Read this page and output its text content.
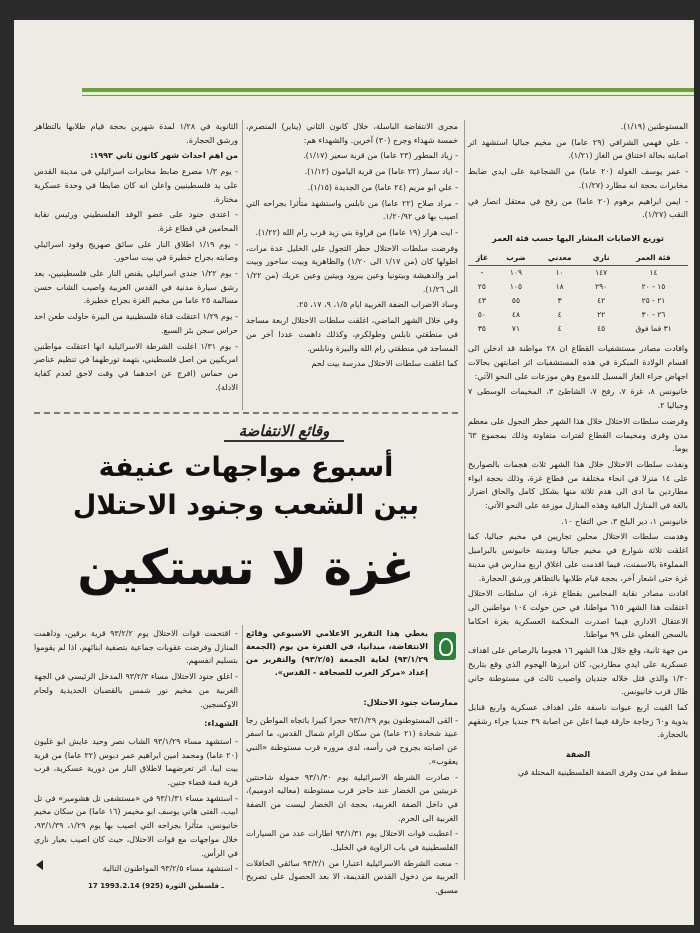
المستوطنين (١/١٩).

- علي فهمي الشرافي (٢٩ عاما) من مخيم جباليا استشهد اثر اصابته بحالة اختناق من الغاز (١/٢١).

- عمر يوسف الغولة (٢٠ عاما) من الشجاعية على ايدي ضابط مخابرات بحجة انه مطارد (١/٢٧).

- ايمن ابراهيم برهوم (٢٠ عاما) من رفح في معتقل انصار في النقب (١/٢٧).

توزيع الاصابات المشار اليها حسب فئة العمر
فئة العمر	ناري	معدني	ضرب	غاز
١٤	١٤٧	١٠	١٠٩	-
١٥ - ٢٠	٢٩٠	١٨	١٠٥	٢٥
٢١ - ٢٥	٤٢	٣	٥٥	٤٣
٢٦ - ٣٠	٢٢	٤	٤٨	٥٠
٣١ فما فوق	٤٥	٤	٧١	٣٥

وافادت مصادر مستشفيات القطاع ان ٢٨ مواطنة قد ادخلن الى اقسام الولادة المبكرة في هذه المستشفيات اثر اصابتهن بحالات اجهاض جراء الغاز المسيل للدموع وهن موزعات على النحو الآتي:

خانيونس ٨، غزة ٧، رفح ٧، الشاطئ ٣، المخيمات الوسطى ٧ وجباليا ٢.

وفرضت سلطات الاحتلال خلال هذا الشهر حظر التجول على معظم مدن وقرى ومخيمات القطاع لفترات متفاوتة وذلك بمجموع ٦٣ يوما.

ونفذت سلطات الاحتلال خلال هذا الشهر ثلاث هجمات بالصواريخ على ١٤ منزلا في انحاء مختلفة من قطاع غزة، وذلك بحجة ايواء مطاردين ما ادى الى هدم ثلاثة منها بشكل كامل والحاق اضرار بالغة في المنازل الباقية وهذه المنازل موزعة على النحو الآتي:

خانيونس ١، دير البلح ٣، حي التفاح ١٠.

وهدمت سلطات الاحتلال محلين تجاريين في مخيم جباليا، كما اغلقت ثلاثة شوارع في مخيم جباليا ومدينة خانيونس بالبراميل المملوءة بالاسمنت، فيما اقدمت على اغلاق اربع مدارس في مدينة غزة حتى اشعار آخر، بحجة قيام طلابها بالتظاهر ورشق الحجارة.

افادت مصادر نقابة المحامين بقطاع غزة، ان سلطات الاحتلال اعتقلت هذا الشهر ٦١٥ مواطنا، في حين حولت ١٠٤ مواطنين الى الاعتقال الاداري فيما اصدرت المحكمة العسكرية بغزة احكاما بالسجن الفعلي على ٩٩ مواطنا.

من جهة ثانية، وقع خلال هذا الشهر ١٦ هجوما بالرصاص على اهداف عسكرية على ايدي مطاردين، كان ابرزها الهجوم الذي وقع بتاريخ ١/٣٠ والذي قتل خلاله جنديان واصيب ثالث في مستوطنة جاني طال قرب خانيونس.

كما القيت اربع عبوات ناسفة على اهداف عسكرية واربع قنابل يدوية و٦٠ زجاجة حارقة فيما اعلن عن اصابة ٣٩ جنديا جراء رشقهم بالحجارة.

الضفة

سقط في مدن وقرى الضفة الفلسطينية المحتلة في

مجرى الانتفاضة الباسلة، خلال كانون الثاني (يناير) المنصرم، خمسة شهداء وجرح (٣٠) آخرين. والشهداء هم:

- زياد المطور (٢٣ عاما) من قرية سعير (١/١٧).

- اياد سمار (٢٢ عاما) من قرية اليامون (١/١٢).

- علي ابو مريم (٢٤ عاما) من الجديدة (١/١٥).

- مراد صلاح (٢٢ عاما) من نابلس واستشهد متأثرا بجراحه التي اصيب بها في ١/٢٠/٩٢.

- ايت هرار (١٩ عاما) من قراوة بني زيد قرب رام الله (١/٢٢).

وفرضت سلطات الاحتلال حظر التجول على الخليل عدة مرات، اطولها كان (من ١/١٧ الى ١/٢٠) والظاهرية وبيت ساحور وبيت امر والدهيشة وبيتونيا وعين يبرود وبيتين وعين عريك (من ١/٢٢ الى ١/٢٦).

وساد الاضراب الضفة الغربية ايام ١/٥، ٩، ١٧، ٢٥.

وفي خلال الشهر الماضي، اغلقت سلطات الاحتلال اربعة مساجد في منطقتي نابلس وطولكرم، وكذلك داهمت عددا آخر من المساجد في منطقتي رام الله والبيرة ونابلس.

كما اغلقت سلطات الاحتلال مدرسة بيت لحم

الثانوية في ١/٢٨ لمدة شهرين بحجة قيام طلابها بالتظاهر ورشق الحجارة.

من اهم احداث شهر كانون ثاني ١٩٩٣:

- يوم ١/٣ مصرع ضابط مخابرات اسرائيلي في مدينة القدس على يد فلسطينيين واعلن انه كان ضابطا في وحدة عسكرية مختارة.

- اعتدى جنود على عضو الوفد الفلسطيني ورئيس نقابة المحامين في قطاع غزة.

- يوم ١/١٩ اطلاق النار على سائق صهريج وقود اسرائيلي وصابته بجراح خطيرة في بيت ساحور.

- يوم ١/٢٢ جندي اسرائيلي يقنص النار على فلسطينيين، بعد رشق سيارة مدنية في القدس العربية واصيب الشاب حسن مسالمة ٢٥ عاما من مخيم الغزة بجراح خطيرة.

- يوم ١/٢٩ اعتقلت قناة فلسطينية من البيرة حاولت طعن احد حراس سجن بئر السبع.

- يوم ١/٣١ اعلنت الشرطة الاسرائيلية انها اعتقلت مواطنين امريكيين من اصل فلسطيني، بتهمة تورطهما في تنظيم عناصر من حماس (افرج عن احدهما في وقت لاحق لعدم كفاية الادلة).

وقائع الانتفاضة
أسبوع مواجهات عنيفة
بين الشعب وجنود الاحتلال
غزة لا تستكين

يغطي هذا التقرير الاعلامي الاسبوعي وقائع الانتفاضة، ميدانيا، في الفترة من يوم (الجمعة ٩٣/١/٢٩) لغاية الجمعة (٩٣/٢/٥) والتقرير من إعداد «مركز العرب للصحافة - القدس».

ممارسات جنود الاحتلال:

- القى المستوطنون يوم ٩٣/١/٢٩ حجرا كبيرا باتجاه المواطن رجا عبيد شحادة (٢١ عاما) من سكان الرام شمال القدس، ما اسفر عن اصابته بجروح في رأسه، لدى مروره قرب مستوطنة «النبي يعقوب».

- صادرت الشرطة الاسرائيلية يوم ٩٣/١/٣٠ حمولة شاحنتين عربيتين من الخضار عند حاجز قرب مستوطنة (معاليه ادوميم)، في داخل الضفة الغربية، بحجة ان الخضار ليست من الضفة الغربية الى الحرم.

- اعطبت قوات الاحتلال يوم ٩٣/١/٣١ اطارات عدد من السيارات الفلسطينية في باب الزاوية في الخليل.

- منعت الشرطة الاسرائيلية اعتبارا من ٩٣/٢/١ سائقي الحافلات العربية من دخول القدس القديمة، الا بعد الحصول على تصريح مسبق.

- اقتحمت قوات الاحتلال يوم ٩٣/٢/٢ قرية برقين، وداهمت المنازل وفرضت عقوبات جماعية بتصفية ابنائهم، اذا لم يقوموا بتسليم انفسهم.

- اغلق جنود الاحتلال مساء ٩٣/٢/٣ المدخل الرئيسي في الجهة الغربية من مخيم نور شمس بالقضبان الحديدية ولحام الاوكسجين.

الشهداء:

- استشهد مساء ٩٣/١/٢٩ الشاب نصر وحيد عايش ابو غليون (٢٠ عاما) ومحمد امين ابراهيم عمر دبوس (٢٢ عاما) من قرية بيت ايبا، اثر تعرضهما لاطلاق النار من دورية عسكرية، قرب قرية قمة قضاء جنين.

- استشهد مساء ٩٣/١/٣١ في «مستشفى تل هشومير» في تل ابيب، الفتى هاني يوسف ابو مخيمر (١٦ عاما) من سكان مخيم خانيونس، متأثرا بجراحه التي اصيب بها يوم ١/٢٩، ٩٣/١/٣٩، خلال مواجهات مع قوات الاحتلال، حيث كان اصيب بعيار ناري في الرأس.

- استشهد مساء ٩٣/٢/٥ المواطنون التالية

17 ـ فلسطين الثورة (925) 1993.2.14
